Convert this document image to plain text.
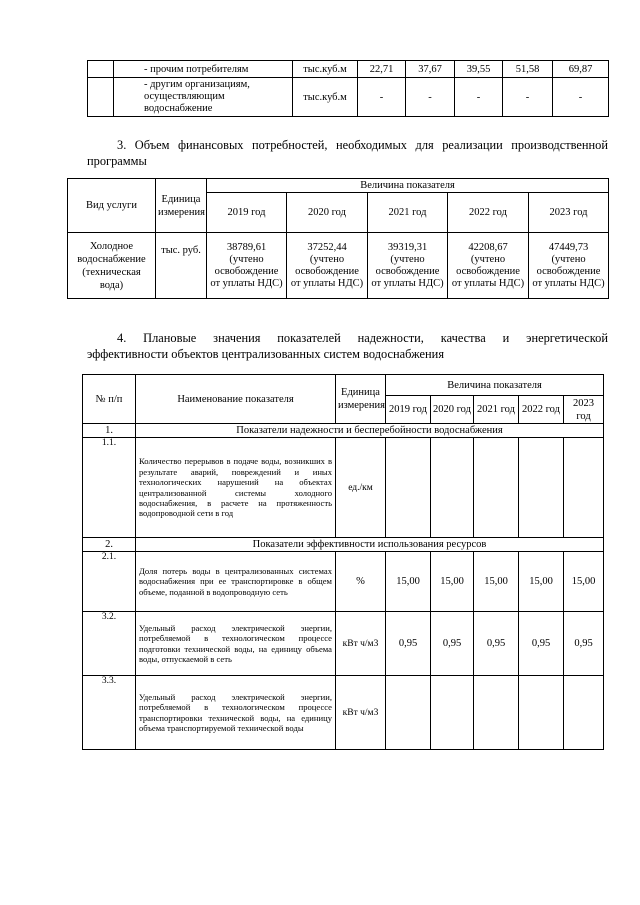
	- прочим потребителям	тыс.куб.м	22,71	37,67	39,55	51,58	69,87
	- другим организациям, осуществляющим водоснабжение	тыс.куб.м	-	-	-	-	-
3. Объем финансовых потребностей, необходимых для реализации производственной программы
Вид услуги	Единица измерения	Величина показателя				
		2019 год	2020 год	2021 год	2022 год	2023 год
Холодное водоснабжение (техническая вода)	тыс. руб.	38789,61 (учтено освобождение от уплаты НДС)	37252,44 (учтено освобождение от уплаты НДС)	39319,31 (учтено освобождение от уплаты НДС)	42208,67 (учтено освобождение от уплаты НДС)	47449,73 (учтено освобождение от уплаты НДС)
4. Плановые значения показателей надежности, качества и энергетической
эффективности объектов централизованных систем водоснабжения
№ п/п	Наименование показателя	Единица измерения	Величина показателя				
			2019 год	2020 год	2021 год	2022 год	2023 год
1.	Показатели надежности и бесперебойности водоснабжения						
1.1.	Количество перерывов в подаче воды, возникших в результате аварий, повреждений и иных технологических нарушений на объектах централизованной системы холодного водоснабжения, в расчете на протяженность водопроводной сети в год	ед./км					
2.	Показатели эффективности использования ресурсов						
2.1.	Доля потерь воды в централизованных системах водоснабжения при ее транспортировке в общем объеме, поданной в водопроводную сеть	%	15,00	15,00	15,00	15,00	15,00
3.2.	Удельный расход электрической энергии, потребляемой в технологическом процессе подготовки технической воды, на единицу объема воды, отпускаемой в сеть	кВт ч/м3	0,95	0,95	0,95	0,95	0,95
3.3.	Удельный расход электрической энергии, потребляемой в технологическом процессе транспортировки технической воды, на единицу объема транспортируемой технической воды	кВт ч/м3					
